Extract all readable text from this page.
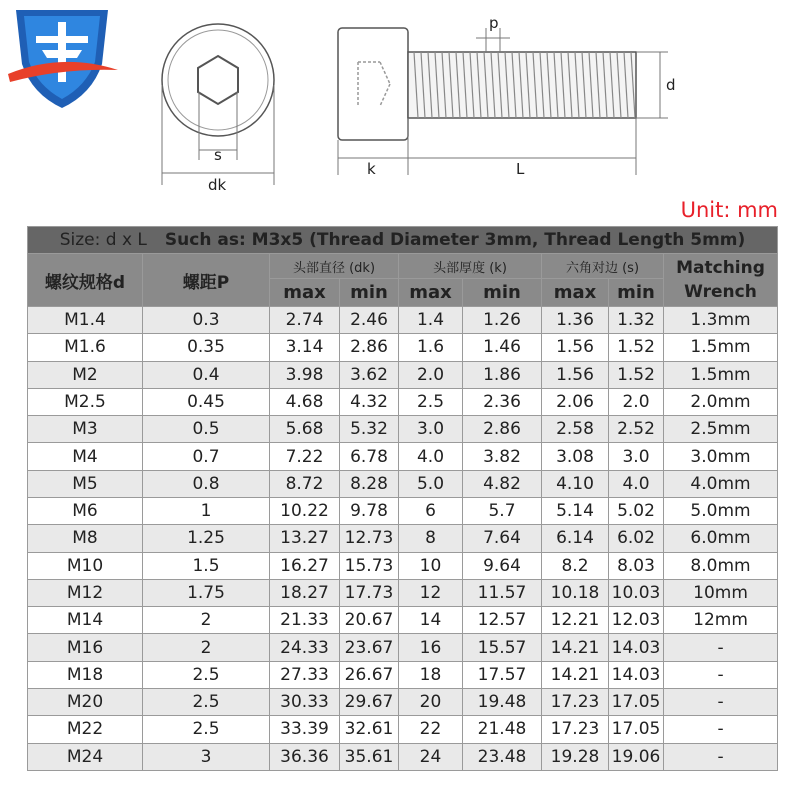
s
dk
p
d
k	L
Unit: mm
Size: d x L Such as: M3x5 (Thread Diameter 3mm, Thread Length 5mm)								
螺纹规格d	螺距P	头部直径 (dk)		头部厚度 (k)		六角对边 (s)		Matching Wrench
		max	min	max	min	max	min	
M1.4	0.3	2.74	2.46	1.4	1.26	1.36	1.32	1.3mm
M1.6	0.35	3.14	2.86	1.6	1.46	1.56	1.52	1.5mm
M2	0.4	3.98	3.62	2.0	1.86	1.56	1.52	1.5mm
M2.5	0.45	4.68	4.32	2.5	2.36	2.06	2.0	2.0mm
M3	0.5	5.68	5.32	3.0	2.86	2.58	2.52	2.5mm
M4	0.7	7.22	6.78	4.0	3.82	3.08	3.0	3.0mm
M5	0.8	8.72	8.28	5.0	4.82	4.10	4.0	4.0mm
M6	1	10.22	9.78	6	5.7	5.14	5.02	5.0mm
M8	1.25	13.27	12.73	8	7.64	6.14	6.02	6.0mm
M10	1.5	16.27	15.73	10	9.64	8.2	8.03	8.0mm
M12	1.75	18.27	17.73	12	11.57	10.18	10.03	10mm
M14	2	21.33	20.67	14	12.57	12.21	12.03	12mm
M16	2	24.33	23.67	16	15.57	14.21	14.03	-
M18	2.5	27.33	26.67	18	17.57	14.21	14.03	-
M20	2.5	30.33	29.67	20	19.48	17.23	17.05	-
M22	2.5	33.39	32.61	22	21.48	17.23	17.05	-
M24	3	36.36	35.61	24	23.48	19.28	19.06	-
